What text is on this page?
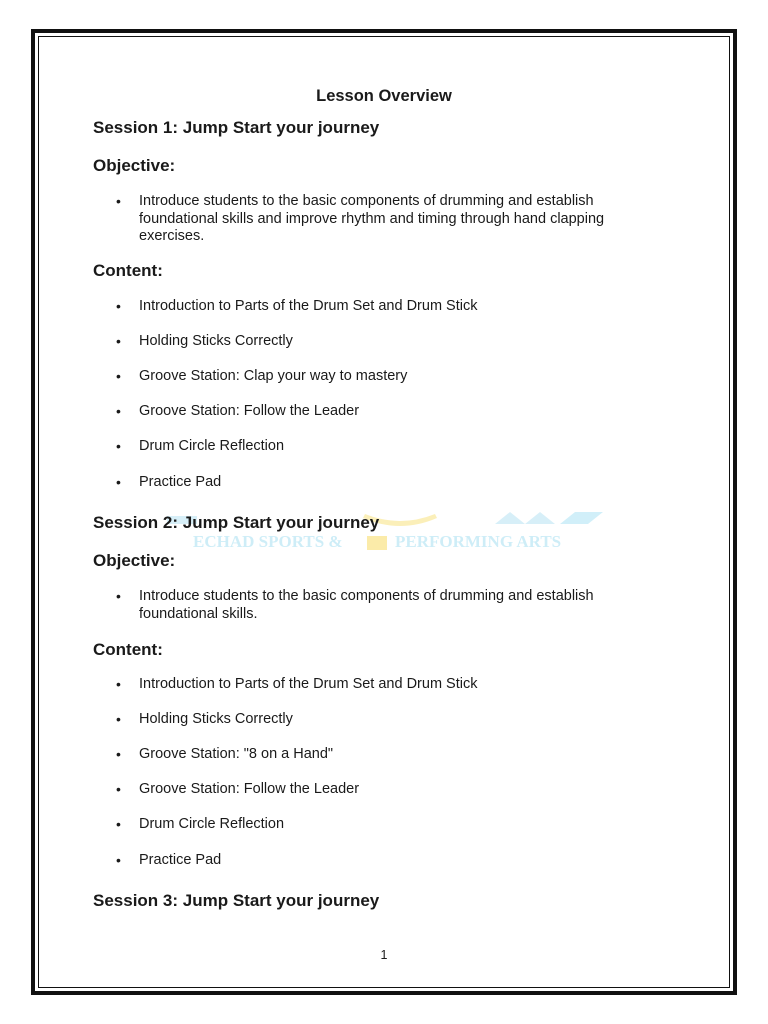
ECHAD SPORTS &	PERFORMING ARTS
Lesson Overview
Session 1: Jump Start your journey
Objective:
• Introduce students to the basic components of drumming and establish foundational skills and improve rhythm and timing through hand clapping exercises.
Content:
• Introduction to Parts of the Drum Set and Drum Stick
• Holding Sticks Correctly
• Groove Station: Clap your way to mastery
• Groove Station: Follow the Leader
• Drum Circle Reflection
• Practice Pad
Session 2: Jump Start your journey
Objective:
• Introduce students to the basic components of drumming and establish foundational skills.
Content:
• Introduction to Parts of the Drum Set and Drum Stick
• Holding Sticks Correctly
• Groove Station: "8 on a Hand"
• Groove Station: Follow the Leader
• Drum Circle Reflection
• Practice Pad
Session 3: Jump Start your journey
1
